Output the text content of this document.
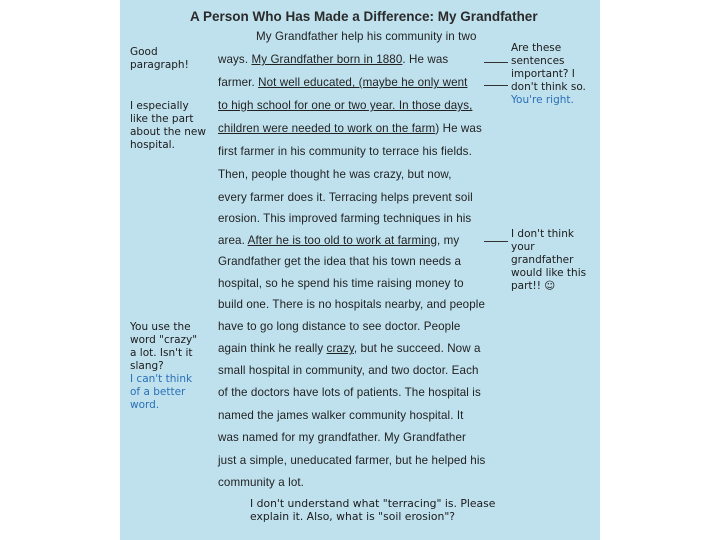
A Person Who Has Made a Difference: My Grandfather
My Grandfather help his community in two
ways. My Grandfather born in 1880. He was
farmer. Not well educated, (maybe he only went
to high school for one or two year. In those days,
children were needed to work on the farm) He was
first farmer in his community to terrace his fields.
Then, people thought he was crazy, but now,
every farmer does it. Terracing helps prevent soil
erosion. This improved farming techniques in his
area. After he is too old to work at farming, my
Grandfather get the idea that his town needs a
hospital, so he spend his time raising money to
build one. There is no hospitals nearby, and people
have to go long distance to see doctor. People
again think he really crazy, but he succeed. Now a
small hospital in community, and two doctor. Each
of the doctors have lots of patients. The hospital is
named the james walker community hospital. It
was named for my grandfather. My Grandfather
just a simple, uneducated farmer, but he helped his
community a lot.
Good
paragraph!
I especially
like the part
about the new
hospital.
You use the
word "crazy"
a lot. Isn't it
slang?
I can't think
of a better
word.
Are these
sentences
important? I
don't think so.
You're right.
I don't think
your
grandfather
would like this
part!! ☺
I don't understand what "terracing" is. Please
explain it. Also, what is "soil erosion"?
